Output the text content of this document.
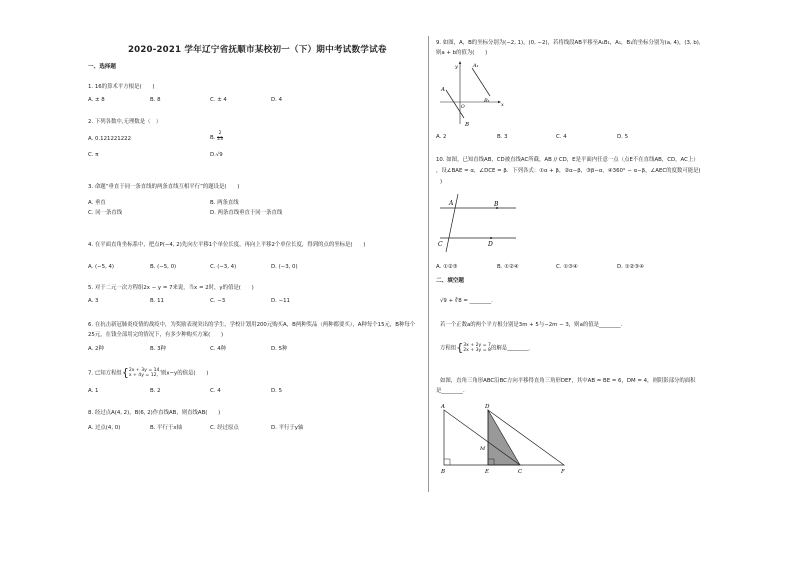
2020-2021 学年辽宁省抚顺市某校初一（下）期中考试数学试卷
一、选择题
1. 16的算术平方根是(　　)
A. ± 8	B. 8	C. ± 4	D. 4
2. 下列各数中,无理数是（　）
A. 0.121221222	B. $\frac{2}{23}$
C. π	D.√9
3. 命题“垂直于同一条直线的两条直线互相平行”的题设是(　　)
A. 垂直	B. 两条直线
C. 同一条直线	D. 两条直线垂直于同一条直线
4. 在平面直角坐标系中，把点P(−4, 2)先向左平移1个单位长度，再向上平移2个单位长度，得到的点的坐标是(　　)
A. (−5, 4)	B. (−5, 0)	C. (−3, 4)	D. (−3, 0)
5. 对于二元一次方程组2x − y = 7来说，当x = 2时，y的值是(　　)
A. 3	B. 11	C. −3	D. −11
6. 在抗击新冠肺炎疫情的战疫中，为奖励表现突出的学生，学校计划用200元购买A，B两种奖品（两种都要买），A种每个15元，B种每个25元，在钱全部用完的情况下，有多少种购买方案(　　)
A. 2种	B. 3种	C. 4种	D. 5种
7. 已知方程组{2x + 3y = 14,
x + 4y = 12, 则x−y的值是(　　)
A. 1	B. 2	C. 4	D. 5
8. 经过点A(4, 2)，B(6, 2)作直线AB，则直线AB(　　)
A. 过点(4, 0)	B. 平行于x轴	C. 经过原点	D. 平行于y轴
9. 如图，A，B的坐标分别为(−2, 1)，(0, −2)，若将线段AB平移至A₁B₁，A₁，B₁的坐标分别为(a, 4)，(3, b)，
则a + b的值为(　　)
y
x
O
A
B
A₁
B₁
A. 2	B. 3	C. 4	D. 5
10. 如图，已知直线AB，CD被直线AC所截，AB // CD，E是平面内任意一点（点E不在直线AB，CD，AC上）
，设∠BAE = α，∠DCE = β．下列各式：①α + β，②α−β，③β−α，④360° − α−β，∠AEC的度数可能是(
)
A	B
C	D
A. ①②③	B. ①②④	C. ①③④	D. ①②③④
二、填空题
√9 + ∛8 = ________.
若一个正数a的两个平方根分别是3m + 5与−2m − 3，则a的值是________.
方程组{3x + 2y = 7
2x + 3y = 8的解是________.
如图，直角三角形ABC沿BC方向平移得直角三角形DEF，其中AB = BE = 6，DM = 4，则阴影部分的面积
是________.
A	D
M
B	E	C	F
